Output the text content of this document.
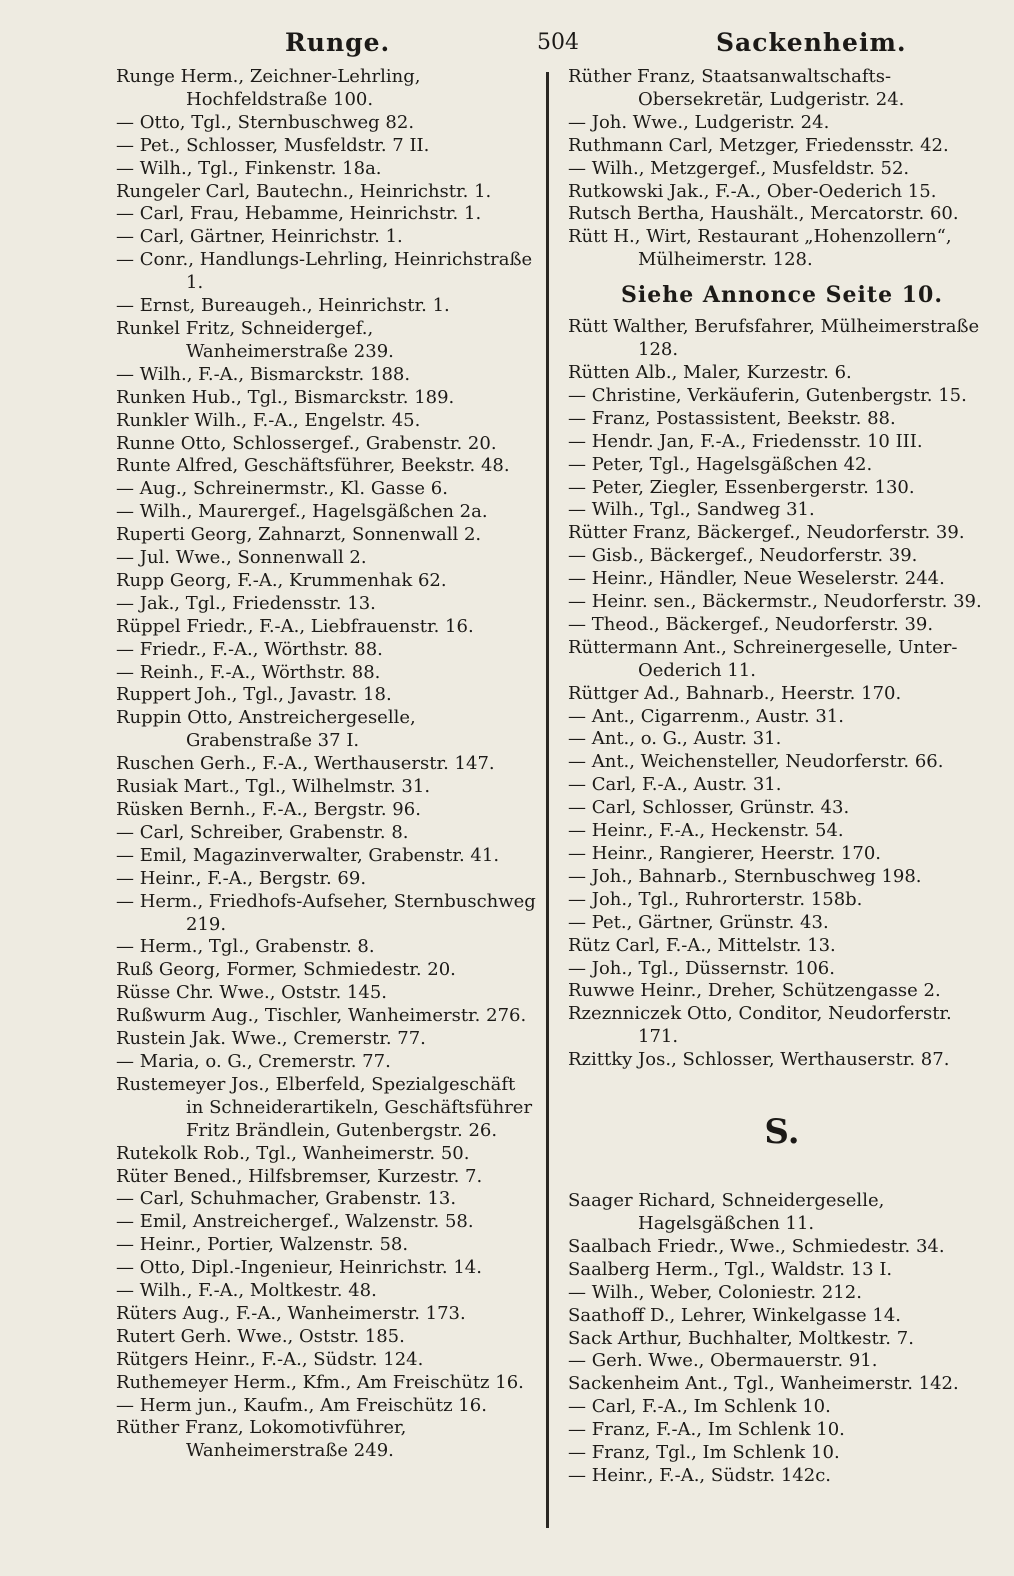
Runge.	504	Sackenheim.
Runge Herm., Zeichner-Lehrling, Hochfeldstraße 100.
— Otto, Tgl., Sternbuschweg 82.
— Pet., Schlosser, Musfeldstr. 7 II.
— Wilh., Tgl., Finkenstr. 18a.
Rungeler Carl, Bautechn., Heinrichstr. 1.
— Carl, Frau, Hebamme, Heinrichstr. 1.
— Carl, Gärtner, Heinrichstr. 1.
— Conr., Handlungs-Lehrling, Heinrichstraße 1.
— Ernst, Bureaugeh., Heinrichstr. 1.
Runkel Fritz, Schneidergef., Wanheimerstraße 239.
— Wilh., F.-A., Bismarckstr. 188.
Runken Hub., Tgl., Bismarckstr. 189.
Runkler Wilh., F.-A., Engelstr. 45.
Runne Otto, Schlossergef., Grabenstr. 20.
Runte Alfred, Geschäftsführer, Beekstr. 48.
— Aug., Schreinermstr., Kl. Gasse 6.
— Wilh., Maurergef., Hagelsgäßchen 2a.
Ruperti Georg, Zahnarzt, Sonnenwall 2.
— Jul. Wwe., Sonnenwall 2.
Rupp Georg, F.-A., Krummenhak 62.
— Jak., Tgl., Friedensstr. 13.
Rüppel Friedr., F.-A., Liebfrauenstr. 16.
— Friedr., F.-A., Wörthstr. 88.
— Reinh., F.-A., Wörthstr. 88.
Ruppert Joh., Tgl., Javastr. 18.
Ruppin Otto, Anstreichergeselle, Grabenstraße 37 I.
Ruschen Gerh., F.-A., Werthauserstr. 147.
Rusiak Mart., Tgl., Wilhelmstr. 31.
Rüsken Bernh., F.-A., Bergstr. 96.
— Carl, Schreiber, Grabenstr. 8.
— Emil, Magazinverwalter, Grabenstr. 41.
— Heinr., F.-A., Bergstr. 69.
— Herm., Friedhofs-Aufseher, Sternbuschweg 219.
— Herm., Tgl., Grabenstr. 8.
Ruß Georg, Former, Schmiedestr. 20.
Rüsse Chr. Wwe., Oststr. 145.
Rußwurm Aug., Tischler, Wanheimerstr. 276.
Rustein Jak. Wwe., Cremerstr. 77.
— Maria, o. G., Cremerstr. 77.
Rustemeyer Jos., Elberfeld, Spezialgeschäft in Schneiderartikeln, Geschäftsführer Fritz Brändlein, Gutenbergstr. 26.
Rutekolk Rob., Tgl., Wanheimerstr. 50.
Rüter Bened., Hilfsbremser, Kurzestr. 7.
— Carl, Schuhmacher, Grabenstr. 13.
— Emil, Anstreichergef., Walzenstr. 58.
— Heinr., Portier, Walzenstr. 58.
— Otto, Dipl.-Ingenieur, Heinrichstr. 14.
— Wilh., F.-A., Moltkestr. 48.
Rüters Aug., F.-A., Wanheimerstr. 173.
Rutert Gerh. Wwe., Oststr. 185.
Rütgers Heinr., F.-A., Südstr. 124.
Ruthemeyer Herm., Kfm., Am Freischütz 16.
— Herm jun., Kaufm., Am Freischütz 16.
Rüther Franz, Lokomotivführer, Wanheimerstraße 249.
Rüther Franz, Staatsanwaltschafts-Obersekretär, Ludgeristr. 24.
— Joh. Wwe., Ludgeristr. 24.
Ruthmann Carl, Metzger, Friedensstr. 42.
— Wilh., Metzgergef., Musfeldstr. 52.
Rutkowski Jak., F.-A., Ober-Oederich 15.
Rutsch Bertha, Haushält., Mercatorstr. 60.
Rütt H., Wirt, Restaurant „Hohenzollern“, Mülheimerstr. 128.
Siehe Annonce Seite 10.
Rütt Walther, Berufsfahrer, Mülheimerstraße 128.
Rütten Alb., Maler, Kurzestr. 6.
— Christine, Verkäuferin, Gutenbergstr. 15.
— Franz, Postassistent, Beekstr. 88.
— Hendr. Jan, F.-A., Friedensstr. 10 III.
— Peter, Tgl., Hagelsgäßchen 42.
— Peter, Ziegler, Essenbergerstr. 130.
— Wilh., Tgl., Sandweg 31.
Rütter Franz, Bäckergef., Neudorferstr. 39.
— Gisb., Bäckergef., Neudorferstr. 39.
— Heinr., Händler, Neue Weselerstr. 244.
— Heinr. sen., Bäckermstr., Neudorferstr. 39.
— Theod., Bäckergef., Neudorferstr. 39.
Rüttermann Ant., Schreinergeselle, Unter-Oederich 11.
Rüttger Ad., Bahnarb., Heerstr. 170.
— Ant., Cigarrenm., Austr. 31.
— Ant., o. G., Austr. 31.
— Ant., Weichensteller, Neudorferstr. 66.
— Carl, F.-A., Austr. 31.
— Carl, Schlosser, Grünstr. 43.
— Heinr., F.-A., Heckenstr. 54.
— Heinr., Rangierer, Heerstr. 170.
— Joh., Bahnarb., Sternbuschweg 198.
— Joh., Tgl., Ruhrorterstr. 158b.
— Pet., Gärtner, Grünstr. 43.
Rütz Carl, F.-A., Mittelstr. 13.
— Joh., Tgl., Düssernstr. 106.
Ruwwe Heinr., Dreher, Schützengasse 2.
Rzeznniczek Otto, Conditor, Neudorferstr. 171.
Rzittky Jos., Schlosser, Werthauserstr. 87.
S.
Saager Richard, Schneidergeselle, Hagelsgäßchen 11.
Saalbach Friedr., Wwe., Schmiedestr. 34.
Saalberg Herm., Tgl., Waldstr. 13 I.
— Wilh., Weber, Coloniestr. 212.
Saathoff D., Lehrer, Winkelgasse 14.
Sack Arthur, Buchhalter, Moltkestr. 7.
— Gerh. Wwe., Obermauerstr. 91.
Sackenheim Ant., Tgl., Wanheimerstr. 142.
— Carl, F.-A., Im Schlenk 10.
— Franz, F.-A., Im Schlenk 10.
— Franz, Tgl., Im Schlenk 10.
— Heinr., F.-A., Südstr. 142c.
